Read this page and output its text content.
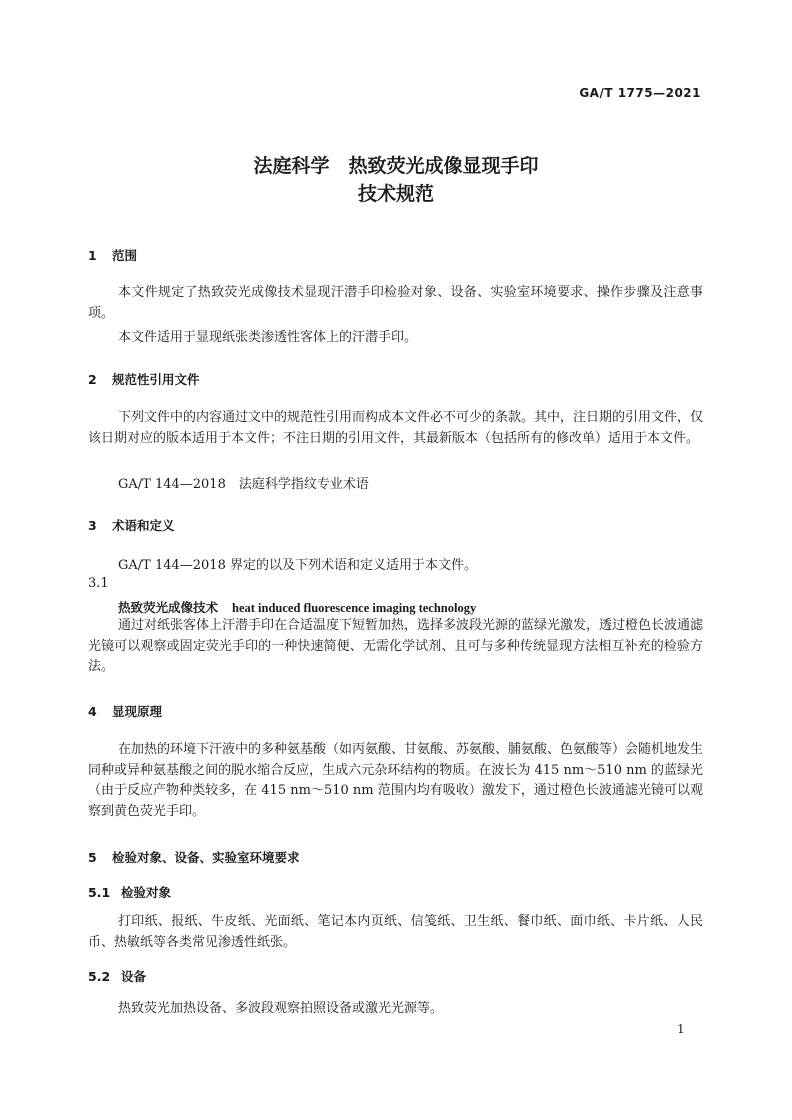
GA/T 1775—2021
法庭科学　热致荧光成像显现手印
技术规范
1 范围
本文件规定了热致荧光成像技术显现汗潜手印检验对象、设备、实验室环境要求、操作步骤及注意事项。
本文件适用于显现纸张类渗透性客体上的汗潜手印。
2 规范性引用文件
下列文件中的内容通过文中的规范性引用而构成本文件必不可少的条款。其中，注日期的引用文件，仅该日期对应的版本适用于本文件；不注日期的引用文件，其最新版本（包括所有的修改单）适用于本文件。
GA/T 144—2018　法庭科学指纹专业术语
3 术语和定义
GA/T 144—2018 界定的以及下列术语和定义适用于本文件。
3.1
热致荧光成像技术 heat induced fluorescence imaging technology
通过对纸张客体上汗潜手印在合适温度下短暂加热，选择多波段光源的蓝绿光激发，透过橙色长波通滤光镜可以观察或固定荧光手印的一种快速简便、无需化学试剂、且可与多种传统显现方法相互补充的检验方法。
4 显现原理
在加热的环境下汗液中的多种氨基酸（如丙氨酸、甘氨酸、苏氨酸、脯氨酸、色氨酸等）会随机地发生同种或异种氨基酸之间的脱水缩合反应，生成六元杂环结构的物质。在波长为 415 nm～510 nm 的蓝绿光（由于反应产物种类较多，在 415 nm～510 nm 范围内均有吸收）激发下，通过橙色长波通滤光镜可以观察到黄色荧光手印。
5 检验对象、设备、实验室环境要求
5.1 检验对象
打印纸、报纸、牛皮纸、光面纸、笔记本内页纸、信笺纸、卫生纸、餐巾纸、面巾纸、卡片纸、人民币、热敏纸等各类常见渗透性纸张。
5.2 设备
热致荧光加热设备、多波段观察拍照设备或激光光源等。
1
